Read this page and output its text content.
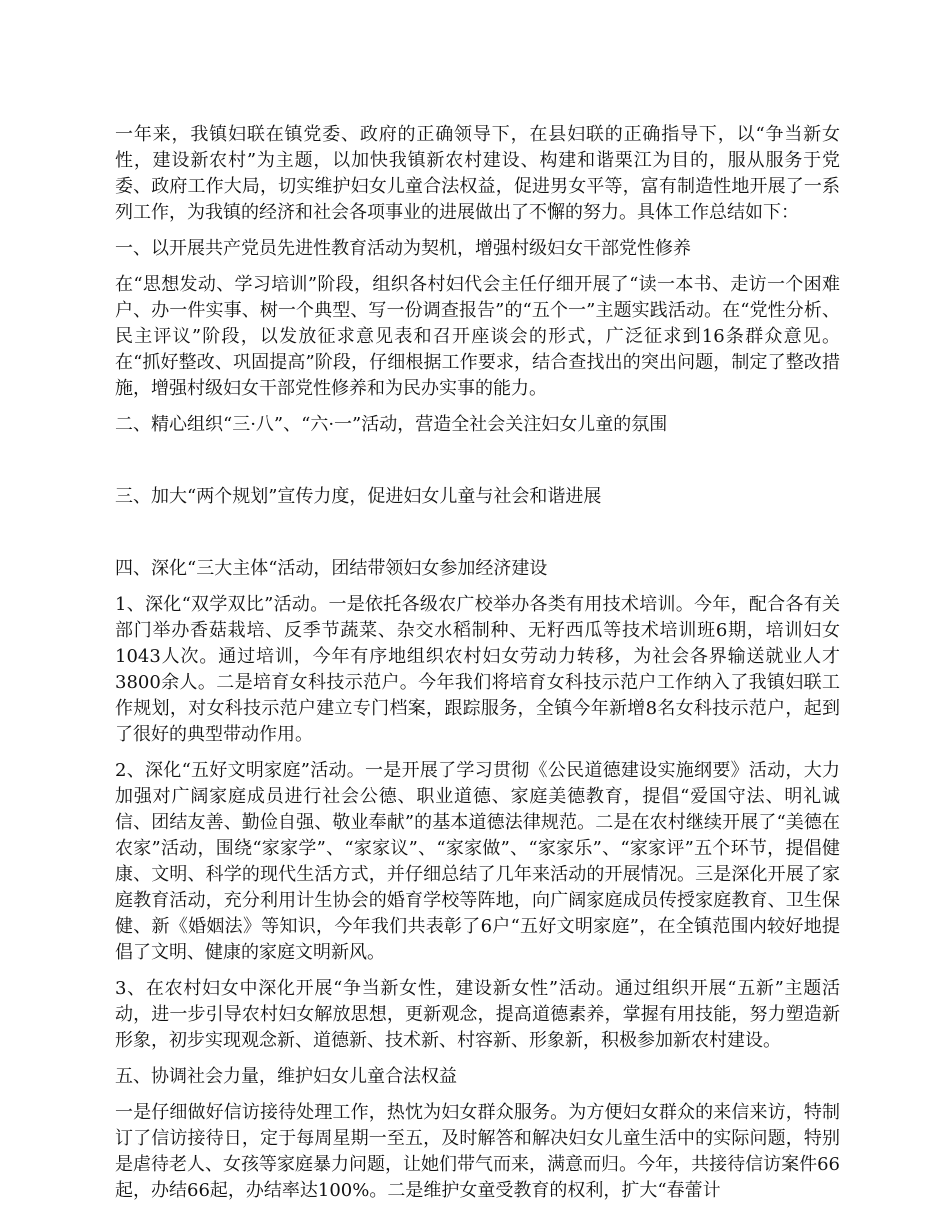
一年来，我镇妇联在镇党委、政府的正确领导下，在县妇联的正确指导下，以“争当新女性，建设新农村”为主题，以加快我镇新农村建设、构建和谐栗江为目的，服从服务于党委、政府工作大局，切实维护妇女儿童合法权益，促进男女平等，富有制造性地开展了一系列工作，为我镇的经济和社会各项事业的进展做出了不懈的努力。具体工作总结如下：

一、以开展共产党员先进性教育活动为契机，增强村级妇女干部党性修养

在“思想发动、学习培训”阶段，组织各村妇代会主任仔细开展了“读一本书、走访一个困难户、办一件实事、树一个典型、写一份调查报告”的“五个一”主题实践活动。在“党性分析、民主评议”阶段，以发放征求意见表和召开座谈会的形式，广泛征求到16条群众意见。在“抓好整改、巩固提高”阶段，仔细根据工作要求，结合查找出的突出问题，制定了整改措施，增强村级妇女干部党性修养和为民办实事的能力。

二、精心组织“三·八”、“六·一”活动，营造全社会关注妇女儿童的氛围

三、加大“两个规划”宣传力度，促进妇女儿童与社会和谐进展

四、深化“三大主体“活动，团结带领妇女参加经济建设

1、深化“双学双比”活动。一是依托各级农广校举办各类有用技术培训。今年，配合各有关部门举办香菇栽培、反季节蔬菜、杂交水稻制种、无籽西瓜等技术培训班6期，培训妇女1043人次。通过培训，今年有序地组织农村妇女劳动力转移，为社会各界输送就业人才3800余人。二是培育女科技示范户。今年我们将培育女科技示范户工作纳入了我镇妇联工作规划，对女科技示范户建立专门档案，跟踪服务，全镇今年新增8名女科技示范户，起到了很好的典型带动作用。

2、深化“五好文明家庭”活动。一是开展了学习贯彻《公民道德建设实施纲要》活动，大力加强对广阔家庭成员进行社会公德、职业道德、家庭美德教育，提倡“爱国守法、明礼诚信、团结友善、勤俭自强、敬业奉献”的基本道德法律规范。二是在农村继续开展了“美德在农家”活动，围绕“家家学”、“家家议”、“家家做”、“家家乐”、“家家评”五个环节，提倡健康、文明、科学的现代生活方式，并仔细总结了几年来活动的开展情况。三是深化开展了家庭教育活动，充分利用计生协会的婚育学校等阵地，向广阔家庭成员传授家庭教育、卫生保健、新《婚姻法》等知识，今年我们共表彰了6户“五好文明家庭”，在全镇范围内较好地提倡了文明、健康的家庭文明新风。

3、在农村妇女中深化开展“争当新女性，建设新女性”活动。通过组织开展“五新”主题活动，进一步引导农村妇女解放思想，更新观念，提高道德素养，掌握有用技能，努力塑造新形象，初步实现观念新、道德新、技术新、村容新、形象新，积极参加新农村建设。

五、协调社会力量，维护妇女儿童合法权益

一是仔细做好信访接待处理工作，热忱为妇女群众服务。为方便妇女群众的来信来访，特制订了信访接待日，定于每周星期一至五，及时解答和解决妇女儿童生活中的实际问题，特别是虐待老人、女孩等家庭暴力问题，让她们带气而来，满意而归。今年，共接待信访案件66起，办结66起，办结率达100%。二是维护女童受教育的权利，扩大“春蕾计
